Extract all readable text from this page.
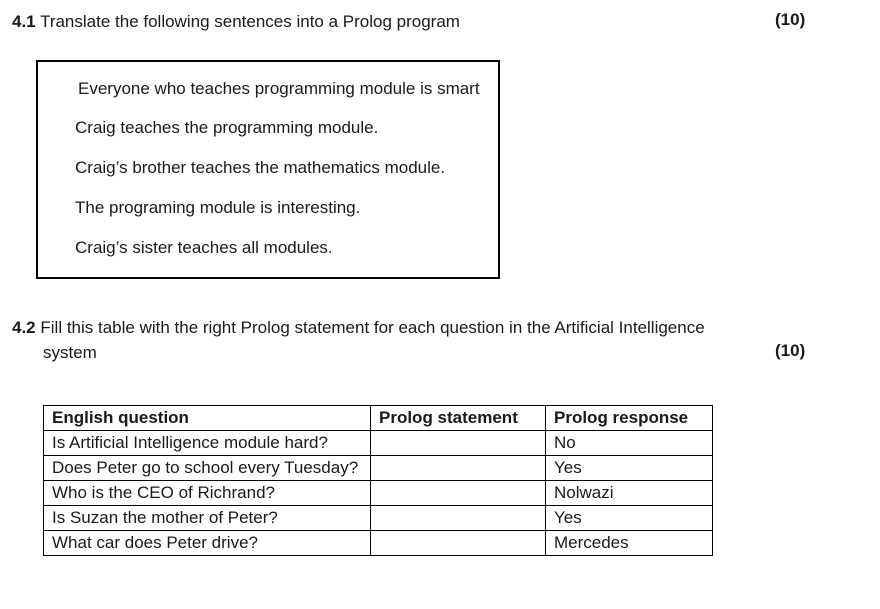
4.1 Translate the following sentences into a Prolog program	(10)
Everyone who teaches programming module is smart
Craig teaches the programming module.
Craig’s brother teaches the mathematics module.
The programing module is interesting.
Craig’s sister teaches all modules.
4.2 Fill this table with the right Prolog statement for each question in the Artificial Intelligence
system	(10)
English question	Prolog statement	Prolog response
Is Artificial Intelligence module hard?		No
Does Peter go to school every Tuesday?		Yes
Who is the CEO of Richrand?		Nolwazi
Is Suzan the mother of Peter?		Yes
What car does Peter drive?		Mercedes
